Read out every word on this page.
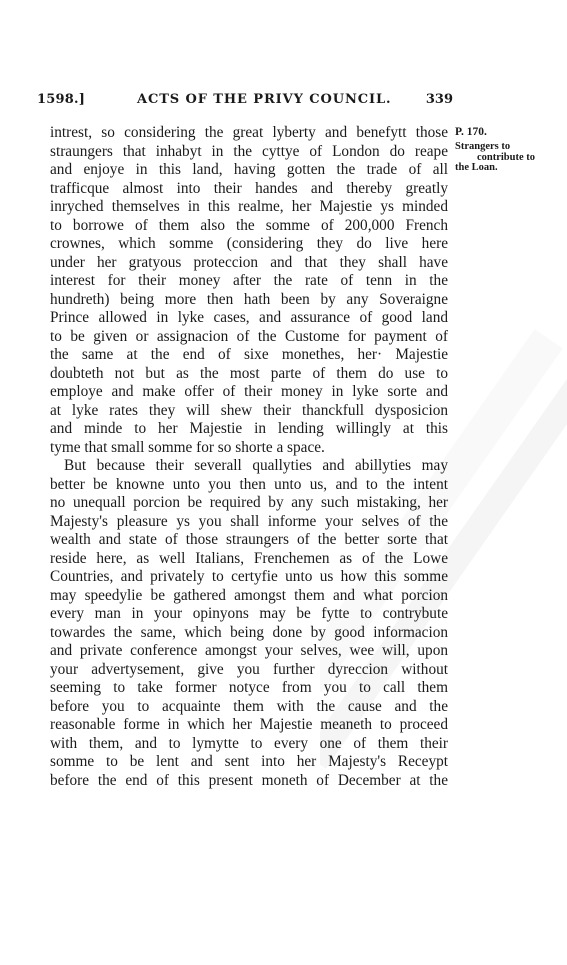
1598.]	ACTS OF THE PRIVY COUNCIL.	339
P. 170.
Strangers to
contribute to
the Loan.
intrest, so considering the great lyberty and benefytt those
straungers that inhabyt in the cyttye of London do reape
and enjoye in this land, having gotten the trade of all
trafficque almost into their handes and thereby greatly
inryched themselves in this realme, her Majestie ys minded
to borrowe of them also the somme of 200,000 French
crownes, which somme (considering they do live here
under her gratyous proteccion and that they shall have
interest for their money after the rate of tenn in the
hundreth) being more then hath been by any Soveraigne
Prince allowed in lyke cases, and assurance of good land
to be given or assignacion of the Custome for payment of
the same at the end of sixe monethes, her· Majestie
doubteth not but as the most parte of them do use to
employe and make offer of their money in lyke sorte and
at lyke rates they will shew their thanckfull dysposicion
and minde to her Majestie in lending willingly at this
tyme that small somme for so shorte a space.
But because their severall quallyties and abillyties may
better be knowne unto you then unto us, and to the intent
no unequall porcion be required by any such mistaking, her
Majesty's pleasure ys you shall informe your selves of the
wealth and state of those straungers of the better sorte that
reside here, as well Italians, Frenchemen as of the Lowe
Countries, and privately to certyfie unto us how this somme
may speedylie be gathered amongst them and what porcion
every man in your opinyons may be fytte to contrybute
towardes the same, which being done by good informacion
and private conference amongst your selves, wee will, upon
your advertysement, give you further dyreccion without
seeming to take former notyce from you to call them
before you to acquainte them with the cause and the
reasonable forme in which her Majestie meaneth to proceed
with them, and to lymytte to every one of them their
somme to be lent and sent into her Majesty's Receypt
before the end of this present moneth of December at the
